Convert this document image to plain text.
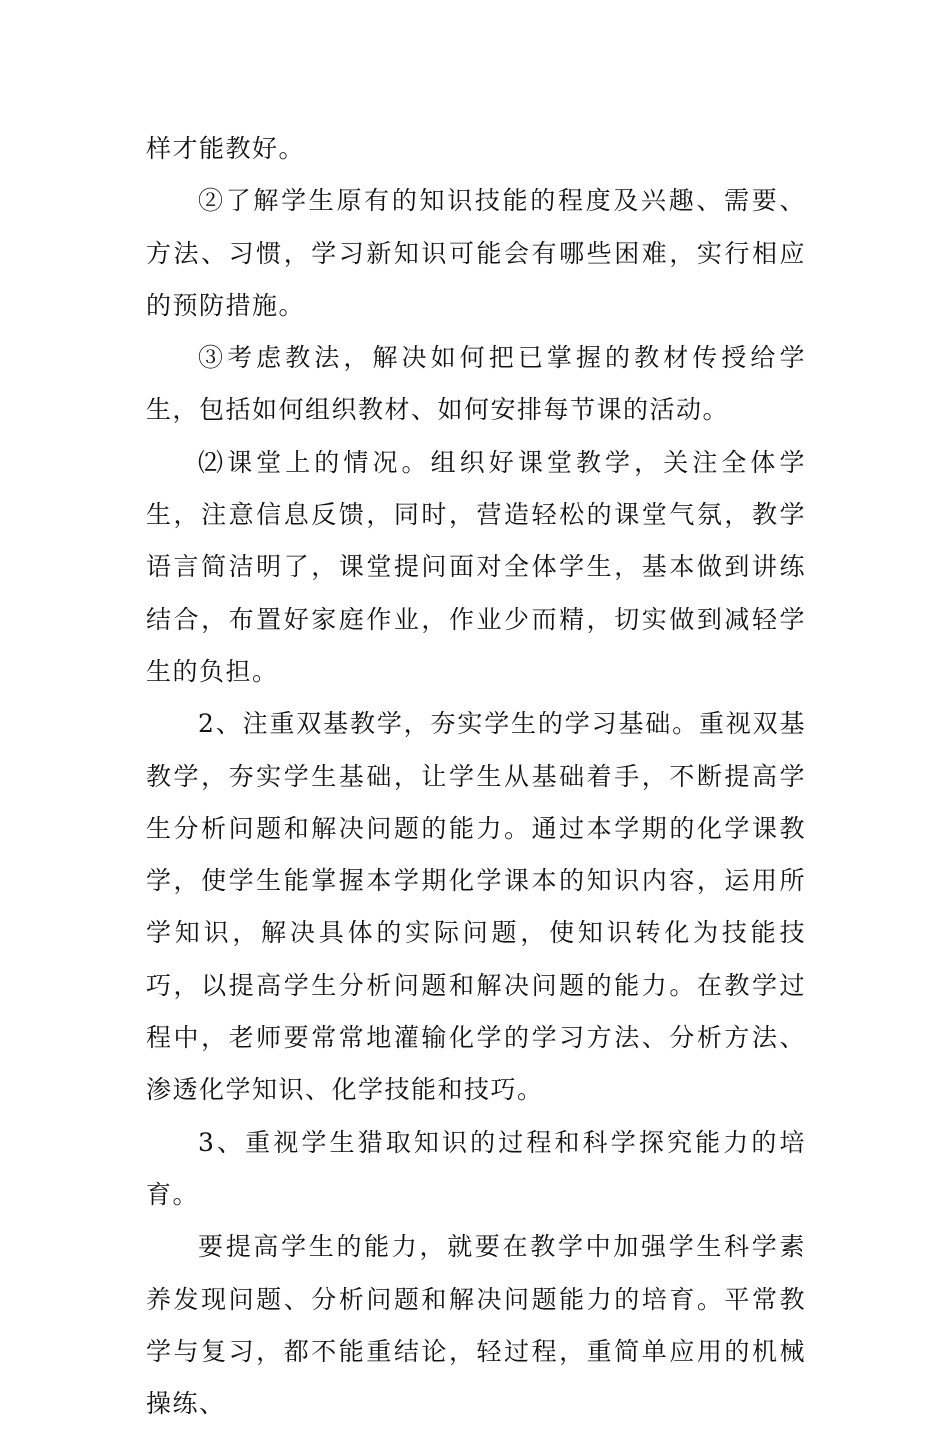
样才能教好。

②了解学生原有的知识技能的程度及兴趣、需要、方法、习惯，学习新知识可能会有哪些困难，实行相应的预防措施。

③考虑教法，解决如何把已掌握的教材传授给学生，包括如何组织教材、如何安排每节课的活动。

⑵课堂上的情况。组织好课堂教学，关注全体学生，注意信息反馈，同时，营造轻松的课堂气氛，教学语言简洁明了，课堂提问面对全体学生，基本做到讲练结合，布置好家庭作业，作业少而精，切实做到减轻学生的负担。

2、注重双基教学，夯实学生的学习基础。重视双基教学，夯实学生基础，让学生从基础着手，不断提高学生分析问题和解决问题的能力。通过本学期的化学课教学，使学生能掌握本学期化学课本的知识内容，运用所学知识，解决具体的实际问题，使知识转化为技能技巧，以提高学生分析问题和解决问题的能力。在教学过程中，老师要常常地灌输化学的学习方法、分析方法、渗透化学知识、化学技能和技巧。

3、重视学生猎取知识的过程和科学探究能力的培育。

要提高学生的能力，就要在教学中加强学生科学素养发现问题、分析问题和解决问题能力的培育。平常教学与复习，都不能重结论，轻过程，重简单应用的机械操练、
